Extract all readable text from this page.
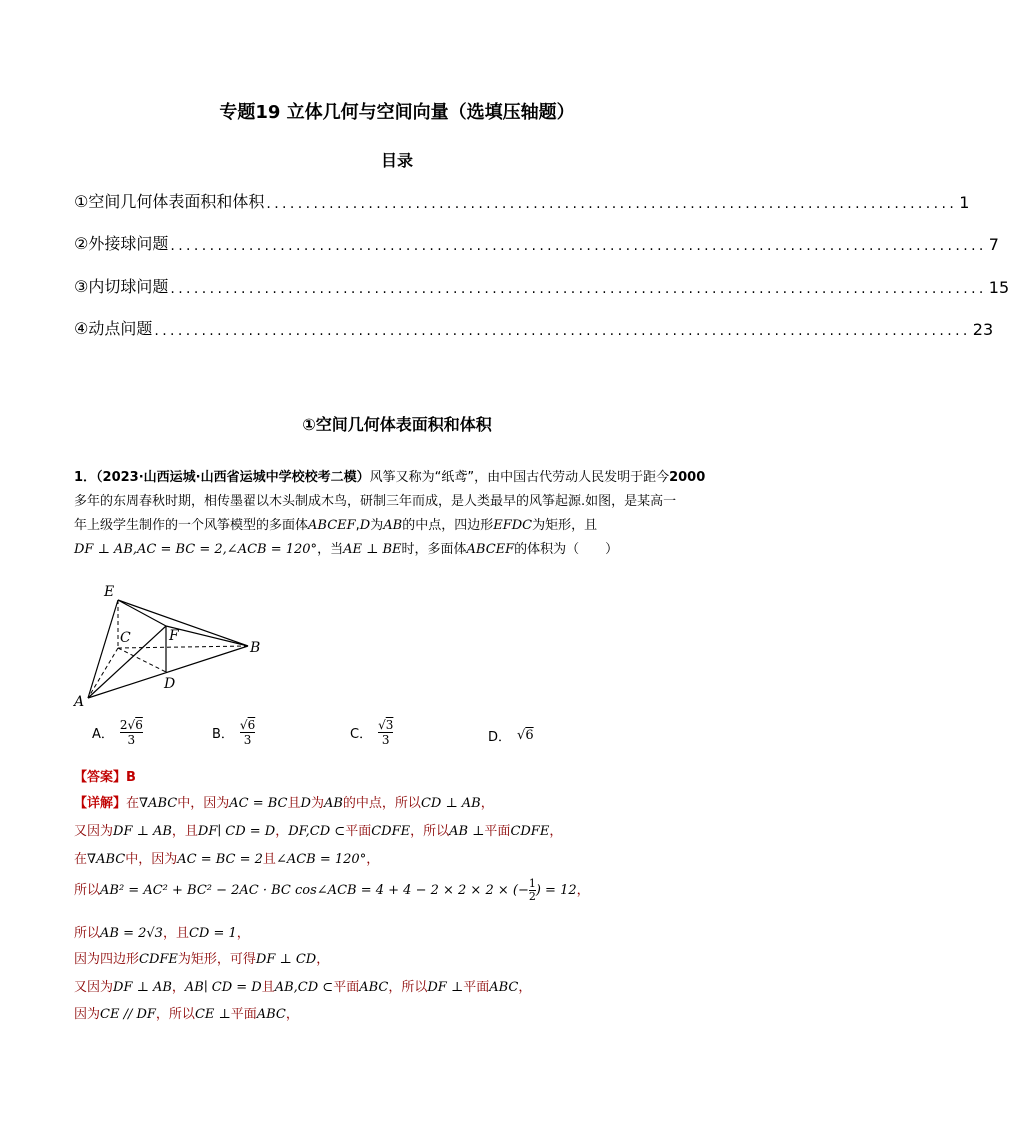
专题19 立体几何与空间向量（选填压轴题）
目录
①空间几何体表面积和体积 ........................................................................................ 1
②外接球问题 ........................................................................................................ 7
③内切球问题 ........................................................................................................ 15
④动点问题 ........................................................................................................ 23
①空间几何体表面积和体积
1．（2023·山西运城·山西省运城中学校校考二模）风筝又称为“纸鸢”，由中国古代劳动人民发明于距今2000
多年的东周春秋时期，相传墨翟以木头制成木鸟，研制三年而成，是人类最早的风筝起源.如图，是某高一
年上级学生制作的一个风筝模型的多面体ABCEF,D为AB的中点，四边形EFDC为矩形，且
DF ⊥ AB,AC = BC = 2,∠ACB = 120°，当AE ⊥ BE时，多面体ABCEF的体积为（　　）
E
C	F
B
D
A
A． $\frac{2√6}{3}$	B． $\frac{√6}{3}$	C． $\frac{√3}{3}$	D． √6
【答案】B
【详解】在∇ABC中，因为AC = BC且D为AB的中点，所以CD ⊥ AB，
又因为DF ⊥ AB，且DF∣ CD = D，DF,CD ⊂平面CDFE，所以AB ⊥平面CDFE，
在∇ABC中，因为AC = BC = 2且∠ACB = 120°，
所以AB² = AC² + BC² − 2AC · BC cos∠ACB = 4 + 4 − 2 × 2 × 2 × (− $\frac{1}{2}$ ) = 12，
所以AB = 2√3，且CD = 1，
因为四边形CDFE为矩形，可得DF ⊥ CD，
又因为DF ⊥ AB，AB∣ CD = D且AB,CD ⊂平面ABC，所以DF ⊥平面ABC，
因为CE // DF，所以CE ⊥平面ABC，
